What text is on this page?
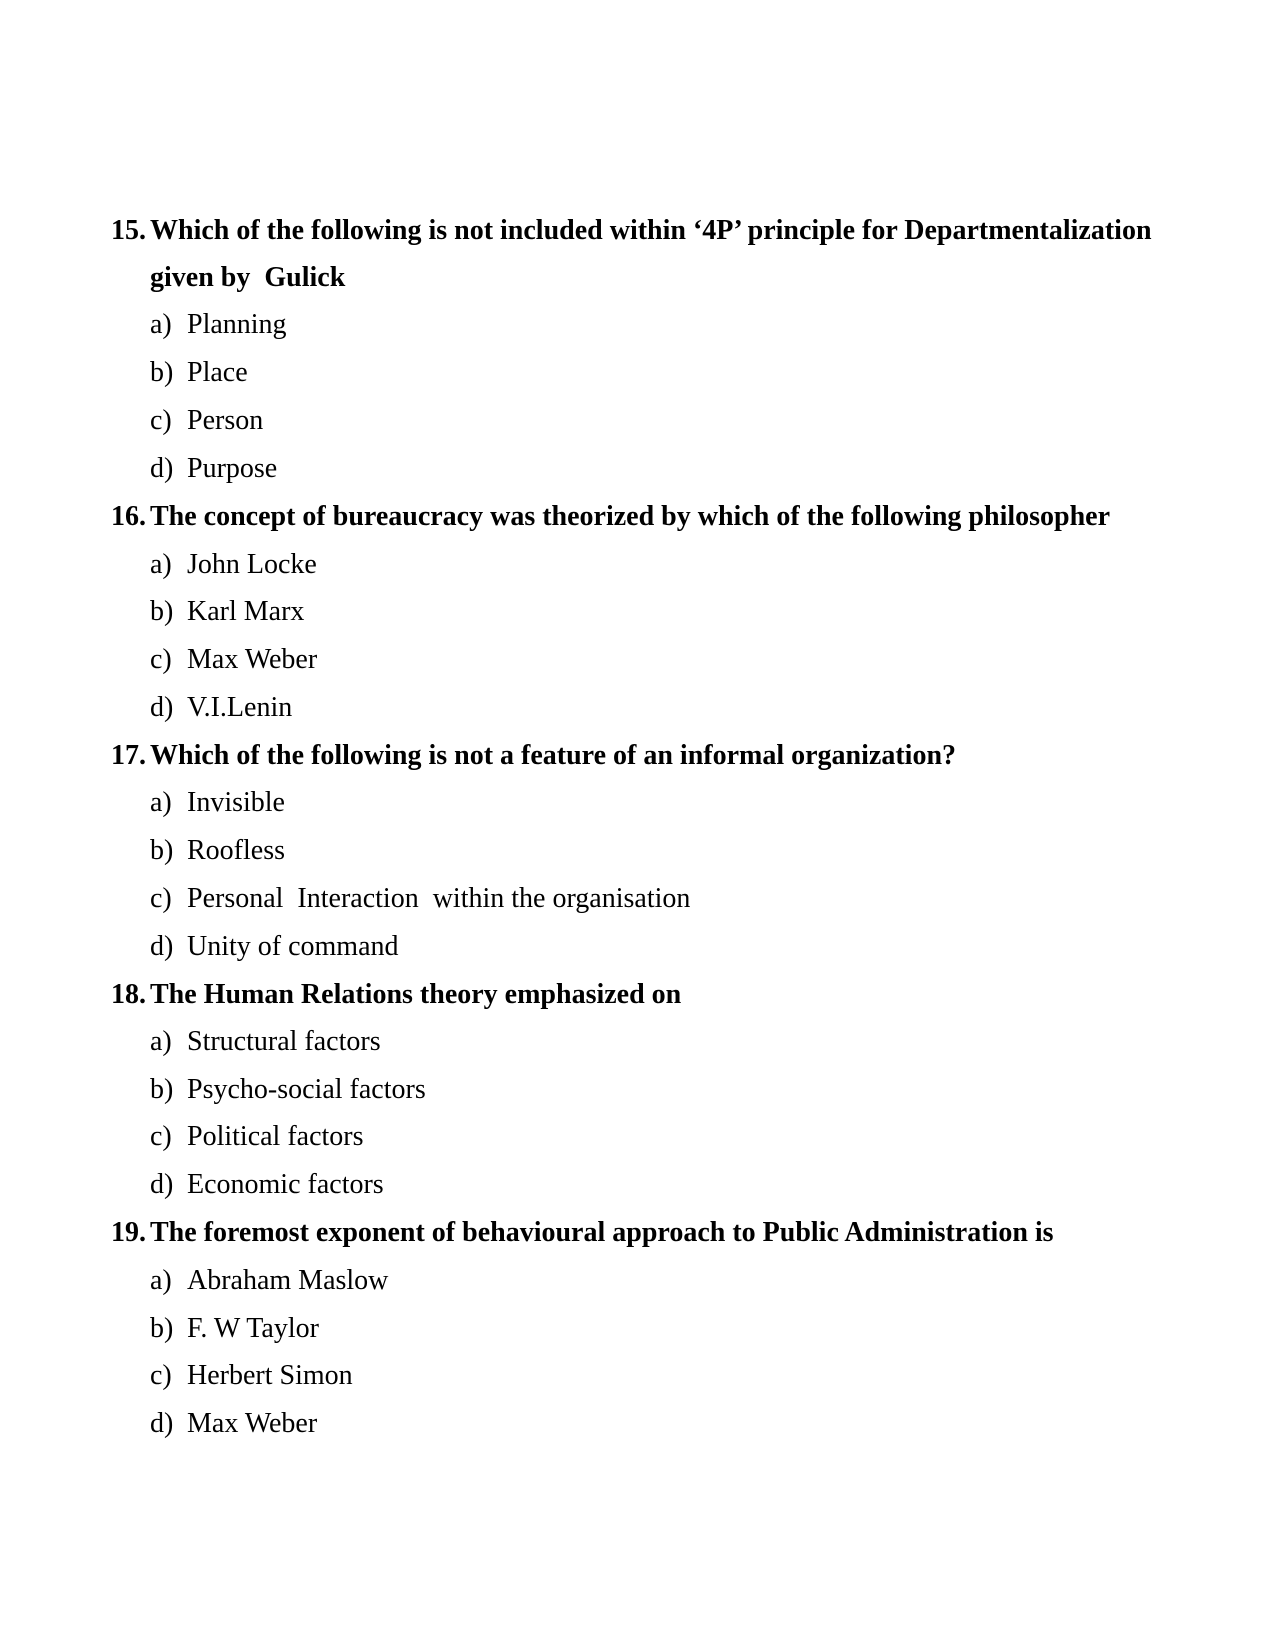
15. Which of the following is not included within ‘4P’ principle for Departmentalization
given by  Gulick
a) Planning
b) Place
c) Person
d) Purpose
16. The concept of bureaucracy was theorized by which of the following philosopher
a) John Locke
b) Karl Marx
c) Max Weber
d) V.I.Lenin
17. Which of the following is not a feature of an informal organization?
a) Invisible
b) Roofless
c) Personal  Interaction  within the organisation
d) Unity of command
18. The Human Relations theory emphasized on
a) Structural factors
b) Psycho-social factors
c) Political factors
d) Economic factors
19. The foremost exponent of behavioural approach to Public Administration is
a) Abraham Maslow
b) F. W Taylor
c) Herbert Simon
d) Max Weber
